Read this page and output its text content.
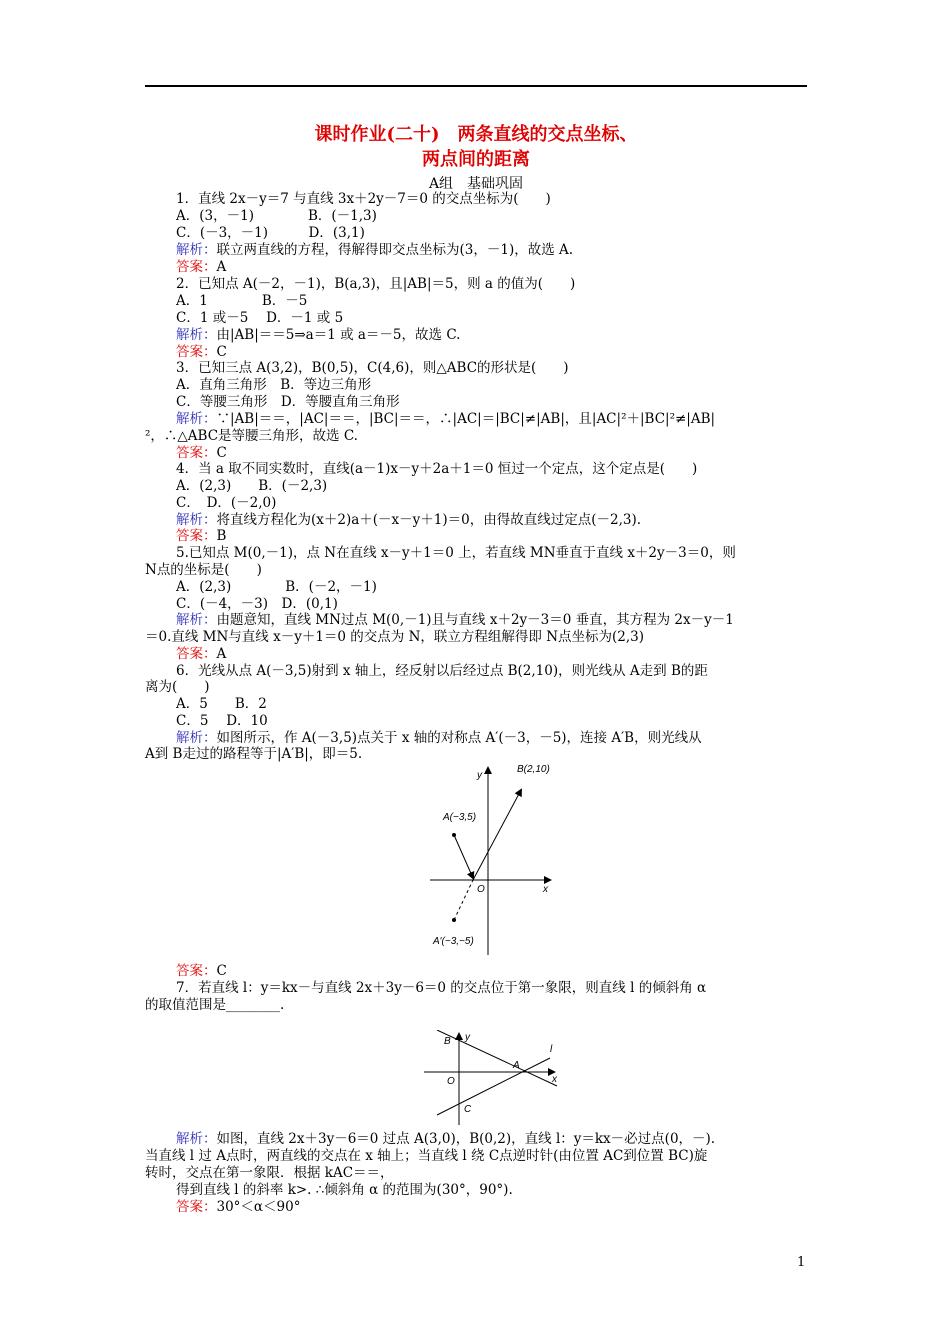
课时作业(二十)　两条直线的交点坐标、
两点间的距离
A组　基础巩固
1．直线 2x－y＝7 与直线 3x＋2y－7＝0 的交点坐标为(　　)
A．(3，－1)　　　　B．(－1,3)
C．(－3，－1)　　　D．(3,1)
解析：联立两直线的方程，得解得即交点坐标为(3，－1)，故选 A.
答案：A
2．已知点 A(－2，－1)，B(a,3)，且|AB|＝5，则 a 的值为(　　)
A．1　　　　B．－5
C．1 或－5　 D．－1 或 5
解析：由|AB|＝＝5⇒a＝1 或 a＝－5，故选 C.
答案：C
3．已知三点 A(3,2)，B(0,5)，C(4,6)，则△ABC的形状是(　　)
A．直角三角形　B．等边三角形
C．等腰三角形　D．等腰直角三角形
解析：∵|AB|＝＝，|AC|＝＝，|BC|＝＝，∴|AC|＝|BC|≠|AB|，且|AC|²＋|BC|²≠|AB|
²，∴△ABC是等腰三角形，故选 C.
答案：C
4．当 a 取不同实数时，直线(a－1)x－y＋2a＋1＝0 恒过一个定点，这个定点是(　　)
A．(2,3)　　B．(－2,3)
C．　D．(－2,0)
解析：将直线方程化为(x＋2)a＋(－x－y＋1)＝0，由得故直线过定点(－2,3).
答案：B
5.已知点 M(0,－1)，点 N在直线 x－y＋1＝0 上，若直线 MN垂直于直线 x＋2y－3＝0，则
N点的坐标是(　　)
A．(2,3)　　　　B．(－2，－1)
C．(－4，－3)　D．(0,1)
解析：由题意知，直线 MN过点 M(0,－1)且与直线 x＋2y－3＝0 垂直，其方程为 2x－y－1
＝0.直线 MN与直线 x－y＋1＝0 的交点为 N，联立方程组解得即 N点坐标为(2,3)
答案：A
6．光线从点 A(－3,5)射到 x 轴上，经反射以后经过点 B(2,10)，则光线从 A走到 B的距
离为(　　)
A．5　　B．2
C．5　 D．10
解析：如图所示，作 A(－3,5)点关于 x 轴的对称点 A′(－3，－5)，连接 A′B，则光线从
A到 B走过的路程等于|A′B|，即＝5.
答案：C
7．若直线 l：y＝kx－与直线 2x＋3y－6＝0 的交点位于第一象限，则直线 l 的倾斜角 α
的取值范围是________.
解析：如图，直线 2x＋3y－6＝0 过点 A(3,0)，B(0,2)，直线 l：y＝kx－必过点(0，－).
当直线 l 过 A点时，两直线的交点在 x 轴上；当直线 l 绕 C点逆时针(由位置 AC到位置 BC)旋
转时，交点在第一象限．根据 kAC＝＝，
得到直线 l 的斜率 k>. ∴倾斜角 α 的范围为(30°，90°).
答案：30°＜α＜90°
B(2,10)
A(−3,5)
O	x
y
A′(−3,−5)
y
B
A
l
O	x
C
1
